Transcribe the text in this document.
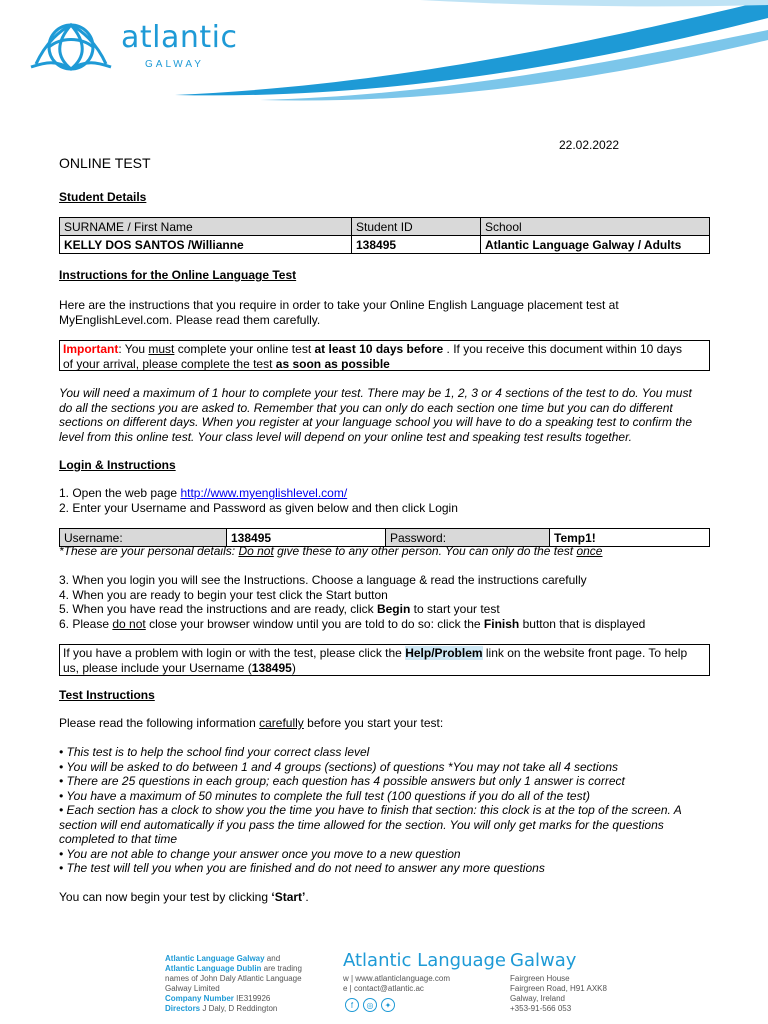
atlantic
GALWAY
22.02.2022
ONLINE TEST
Student Details
SURNAME / First Name	Student ID	School
KELLY DOS SANTOS /Willianne	138495	Atlantic Language Galway / Adults
Instructions for the Online Language Test
Here are the instructions that you require in order to take your Online English Language placement test at
MyEnglishLevel.com. Please read them carefully.
Important: You must complete your online test at least 10 days before . If you receive this document within 10 days
of your arrival, please complete the test as soon as possible
You will need a maximum of 1 hour to complete your test. There may be 1, 2, 3 or 4 sections of the test to do. You must
do all the sections you are asked to. Remember that you can only do each section one time but you can do different
sections on different days. When you register at your language school you will have to do a speaking test to confirm the
level from this online test. Your class level will depend on your online test and speaking test results together.
Login & Instructions
1. Open the web page http://www.myenglishlevel.com/
2. Enter your Username and Password as given below and then click Login
Username:	138495	Password:	Temp1!
*These are your personal details: Do not give these to any other person. You can only do the test once
3. When you login you will see the Instructions. Choose a language & read the instructions carefully
4. When you are ready to begin your test click the Start button
5. When you have read the instructions and are ready, click Begin to start your test
6. Please do not close your browser window until you are told to do so: click the Finish button that is displayed
If you have a problem with login or with the test, please click the Help/Problem link on the website front page. To help
us, please include your Username (138495)
Test Instructions
Please read the following information carefully before you start your test:
• This test is to help the school find your correct class level
• You will be asked to do between 1 and 4 groups (sections) of questions *You may not take all 4 sections
• There are 25 questions in each group; each question has 4 possible answers but only 1 answer is correct
• You have a maximum of 50 minutes to complete the full test (100 questions if you do all of the test)
• Each section has a clock to show you the time you have to finish that section: this clock is at the top of the screen. A
section will end automatically if you pass the time allowed for the section. You will only get marks for the questions
completed to that time
• You are not able to change your answer once you move to a new question
• The test will tell you when you are finished and do not need to answer any more questions
You can now begin your test by clicking ‘Start’.
Atlantic Language Galway and
Atlantic Language Dublin are trading
names of John Daly Atlantic Language
Galway Limited
Company Number IE319926
Directors J Daly, D Reddington
Atlantic Language Galway
w | www.atlanticlanguage.com
e | contact@atlantic.ac
f	◎	✦
Fairgreen House
Fairgreen Road, H91 AXK8
Galway, Ireland
+353-91-566 053
